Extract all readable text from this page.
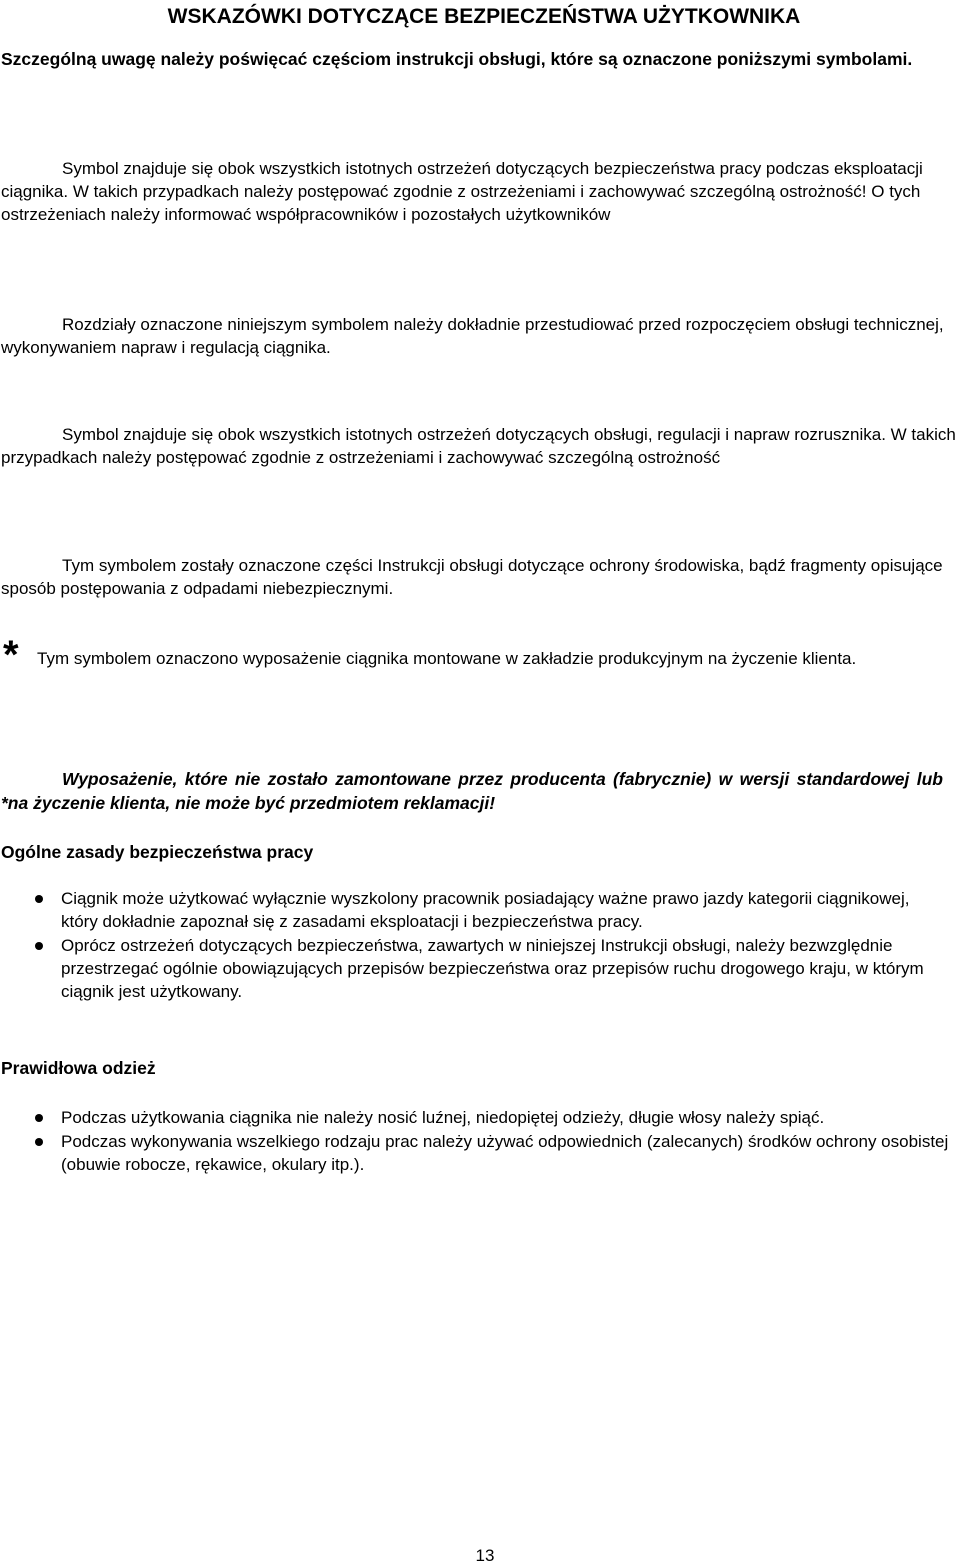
WSKAZÓWKI DOTYCZĄCE BEZPIECZEŃSTWA UŻYTKOWNIKA
Szczególną uwagę należy poświęcać częściom instrukcji obsługi, które są oznaczone poniższymi symbolami.

Symbol znajduje się obok wszystkich istotnych ostrzeżeń dotyczących bezpieczeństwa pracy podczas eksploatacji ciągnika. W takich przypadkach należy postępować zgodnie z ostrzeżeniami i zachowywać szczególną ostrożność! O tych ostrzeżeniach należy informować współpracowników i pozostałych użytkowników

Rozdziały oznaczone niniejszym symbolem należy dokładnie przestudiować przed rozpoczęciem obsługi technicznej, wykonywaniem napraw i regulacją ciągnika.

Symbol znajduje się obok wszystkich istotnych ostrzeżeń dotyczących obsługi, regulacji i napraw rozrusznika. W takich przypadkach należy postępować zgodnie z ostrzeżeniami i zachowywać szczególną ostrożność

Tym symbolem zostały oznaczone części Instrukcji obsługi dotyczące ochrony środowiska, bądź fragmenty opisujące sposób postępowania z odpadami niebezpiecznymi.

* Tym symbolem oznaczono wyposażenie ciągnika montowane w zakładzie produkcyjnym na życzenie klienta.
Wyposażenie, które nie zostało zamontowane przez producenta (fabrycznie) w wersji standardowej lub *na życzenie klienta, nie może być przedmiotem reklamacji!
Ogólne zasady bezpieczeństwa pracy
Ciągnik może użytkować wyłącznie wyszkolony pracownik posiadający ważne prawo jazdy kategorii ciągnikowej, który dokładnie zapoznał się z zasadami eksploatacji i bezpieczeństwa pracy.
Oprócz ostrzeżeń dotyczących bezpieczeństwa, zawartych w niniejszej Instrukcji obsługi, należy bezwzględnie przestrzegać ogólnie obowiązujących przepisów bezpieczeństwa oraz przepisów ruchu drogowego kraju, w którym ciągnik jest użytkowany.
Prawidłowa odzież
Podczas użytkowania ciągnika nie należy nosić luźnej, niedopiętej odzieży, długie włosy należy spiąć.
Podczas wykonywania wszelkiego rodzaju prac należy używać odpowiednich (zalecanych) środków ochrony osobistej (obuwie robocze, rękawice, okulary itp.).
13
